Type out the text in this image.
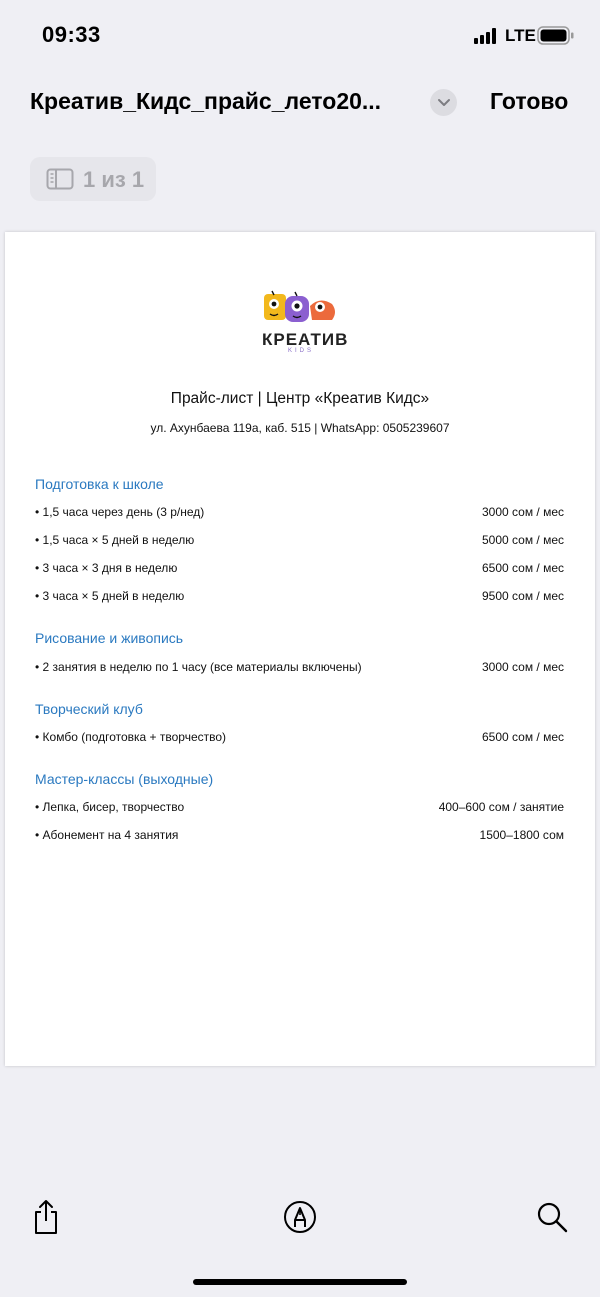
09:33	LTE
Креатив_Кидс_прайс_лето20...	Готово
1 из 1
КРЕАТИВ
KIDS
Прайс-лист | Центр «Креатив Кидс»
ул. Ахунбаева 119а, каб. 515 | WhatsApp: 0505239607
Подготовка к школе
• 1,5 часа через день (3 р/нед)	3000 сом / мес
• 1,5 часа × 5 дней в неделю	5000 сом / мес
• 3 часа × 3 дня в неделю	6500 сом / мес
• 3 часа × 5 дней в неделю	9500 сом / мес
Рисование и живопись
• 2 занятия в неделю по 1 часу (все материалы включены)	3000 сом / мес
Творческий клуб
• Комбо (подготовка + творчество)	6500 сом / мес
Мастер-классы (выходные)
• Лепка, бисер, творчество	400–600 сом / занятие
• Абонемент на 4 занятия	1500–1800 сом
